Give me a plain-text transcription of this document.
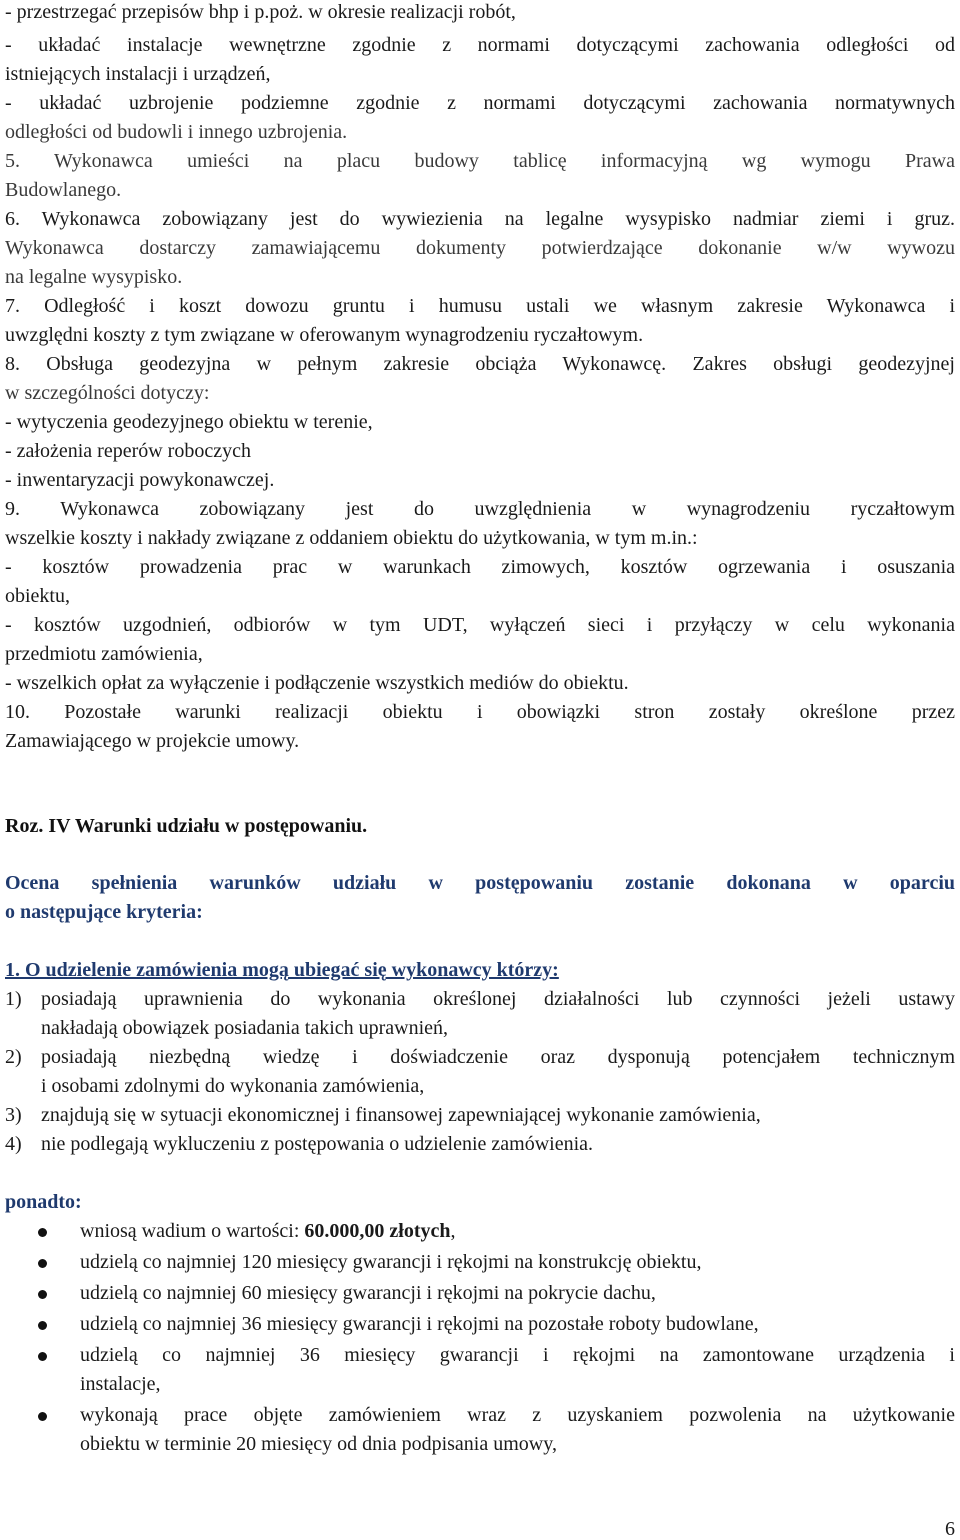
- przestrzegać przepisów bhp i p.poż. w okresie realizacji robót,
- układać instalacje wewnętrzne zgodnie z normami dotyczącymi zachowania odległości od
istniejących instalacji i urządzeń,
- układać uzbrojenie podziemne zgodnie z normami dotyczącymi zachowania normatywnych
odległości od budowli i innego uzbrojenia.
5. Wykonawca umieści na placu budowy tablicę informacyjną wg wymogu Prawa
Budowlanego.
6. Wykonawca zobowiązany jest do wywiezienia na legalne wysypisko nadmiar ziemi i gruz.
Wykonawca dostarczy zamawiającemu dokumenty potwierdzające dokonanie w/w wywozu
na legalne wysypisko.
7. Odległość i koszt dowozu gruntu i humusu ustali we własnym zakresie Wykonawca i
uwzględni koszty z tym związane w oferowanym wynagrodzeniu ryczałtowym.
8. Obsługa geodezyjna w pełnym zakresie obciąża Wykonawcę. Zakres obsługi geodezyjnej
w szczególności dotyczy:
- wytyczenia geodezyjnego obiektu w terenie,
- założenia reperów roboczych
- inwentaryzacji powykonawczej.
9. Wykonawca zobowiązany jest do uwzględnienia w wynagrodzeniu ryczałtowym
wszelkie koszty i nakłady związane z oddaniem obiektu do użytkowania, w tym m.in.:
- kosztów prowadzenia prac w warunkach zimowych, kosztów ogrzewania i osuszania
obiektu,
- kosztów uzgodnień, odbiorów w tym UDT, wyłączeń sieci i przyłączy w celu wykonania
przedmiotu zamówienia,
- wszelkich opłat za wyłączenie i podłączenie wszystkich mediów do obiektu.
10. Pozostałe warunki realizacji obiektu i obowiązki stron zostały określone przez
Zamawiającego w projekcie umowy.
Roz. IV Warunki udziału w postępowaniu.
Ocena spełnienia warunków udziału w postępowaniu zostanie dokonana w oparciu
o następujące kryteria:
1. O udzielenie zamówienia mogą ubiegać się wykonawcy którzy:
1) posiadają uprawnienia do wykonania określonej działalności lub czynności jeżeli ustawy
nakładają obowiązek posiadania takich uprawnień,
2) posiadają niezbędną wiedzę i doświadczenie oraz dysponują potencjałem technicznym
i osobami zdolnymi do wykonania zamówienia,
3) znajdują się w sytuacji ekonomicznej i finansowej zapewniającej wykonanie zamówienia,
4) nie podlegają wykluczeniu z postępowania o udzielenie zamówienia.
ponadto:
wniosą wadium o wartości: 60.000,00 złotych,
udzielą co najmniej 120 miesięcy gwarancji i rękojmi na konstrukcję obiektu,
udzielą co najmniej 60 miesięcy gwarancji i rękojmi na pokrycie dachu,
udzielą co najmniej 36 miesięcy gwarancji i rękojmi na pozostałe roboty budowlane,
udzielą co najmniej 36 miesięcy gwarancji i rękojmi na zamontowane urządzenia i
instalacje,
wykonają prace objęte zamówieniem wraz z uzyskaniem pozwolenia na użytkowanie
obiektu w terminie 20 miesięcy od dnia podpisania umowy,
6
